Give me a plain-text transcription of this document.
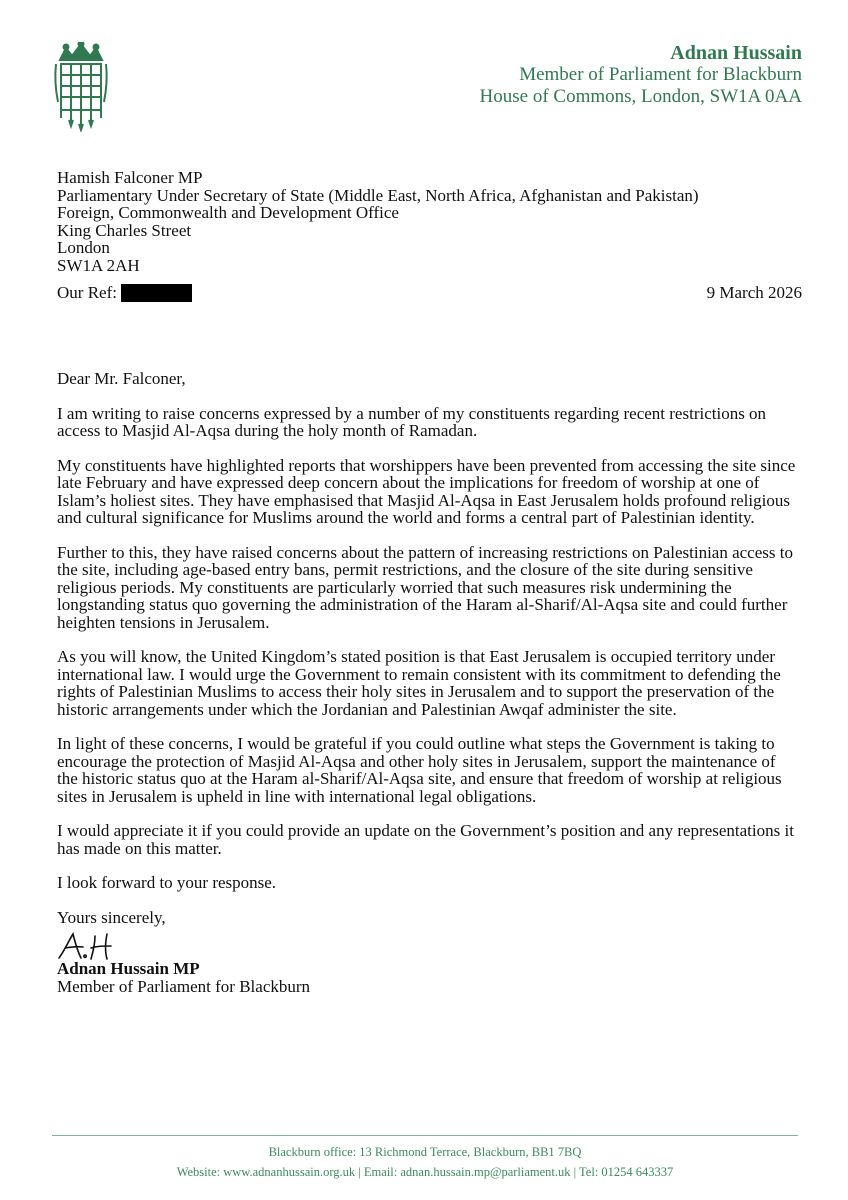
Adnan Hussain
Member of Parliament for Blackburn
House of Commons, London, SW1A 0AA
Hamish Falconer MP
Parliamentary Under Secretary of State (Middle East, North Africa, Afghanistan and Pakistan)
Foreign, Commonwealth and Development Office
King Charles Street
London
SW1A 2AH
Our Ref:	9 March 2026

Dear Mr. Falconer,

I am writing to raise concerns expressed by a number of my constituents regarding recent restrictions on access to Masjid Al-Aqsa during the holy month of Ramadan.

My constituents have highlighted reports that worshippers have been prevented from accessing the site since late February and have expressed deep concern about the implications for freedom of worship at one of Islam’s holiest sites. They have emphasised that Masjid Al-Aqsa in East Jerusalem holds profound religious and cultural significance for Muslims around the world and forms a central part of Palestinian identity.

Further to this, they have raised concerns about the pattern of increasing restrictions on Palestinian access to the site, including age-based entry bans, permit restrictions, and the closure of the site during sensitive religious periods. My constituents are particularly worried that such measures risk undermining the longstanding status quo governing the administration of the Haram al-Sharif/Al-Aqsa site and could further heighten tensions in Jerusalem.

As you will know, the United Kingdom’s stated position is that East Jerusalem is occupied territory under international law. I would urge the Government to remain consistent with its commitment to defending the rights of Palestinian Muslims to access their holy sites in Jerusalem and to support the preservation of the historic arrangements under which the Jordanian and Palestinian Awqaf administer the site.

In light of these concerns, I would be grateful if you could outline what steps the Government is taking to encourage the protection of Masjid Al-Aqsa and other holy sites in Jerusalem, support the maintenance of the historic status quo at the Haram al-Sharif/Al-Aqsa site, and ensure that freedom of worship at religious sites in Jerusalem is upheld in line with international legal obligations.

I would appreciate it if you could provide an update on the Government’s position and any representations it has made on this matter.

I look forward to your response.

Yours sincerely,
Adnan Hussain MP
Member of Parliament for Blackburn
Blackburn office: 13 Richmond Terrace, Blackburn, BB1 7BQ
Website: www.adnanhussain.org.uk | Email: adnan.hussain.mp@parliament.uk | Tel: 01254 643337
